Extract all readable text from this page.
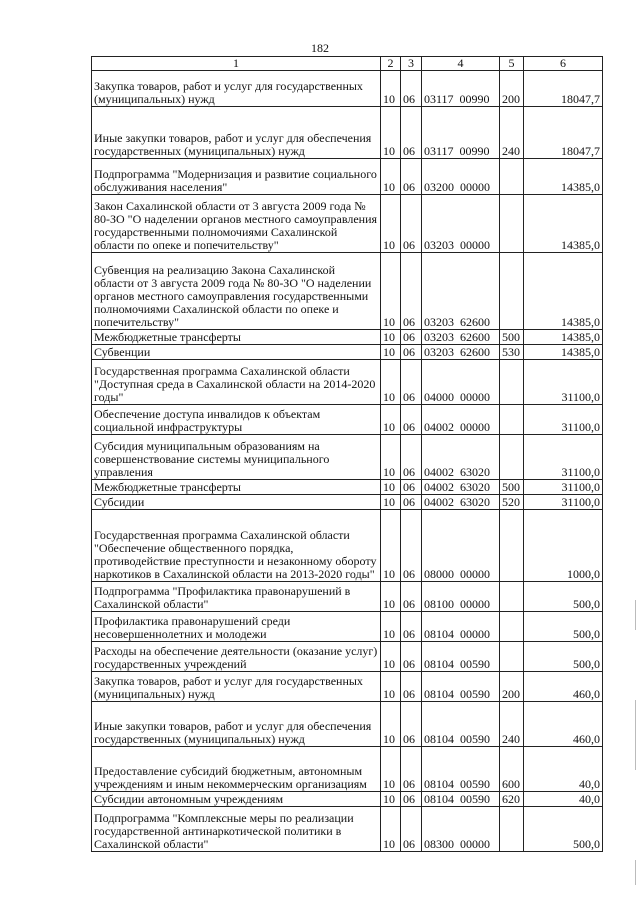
182
1	2	3	4	5	6
Закупка товаров, работ и услуг для государственных (муниципальных) нужд	10	06	03117  00990	200	18047,7
Иные закупки товаров, работ и услуг для обеспечения государственных (муниципальных) нужд	10	06	03117  00990	240	18047,7
Подпрограмма "Модернизация и развитие социального обслуживания населения"	10	06	03200  00000		14385,0
Закон Сахалинской области от 3 августа 2009 года № 80-ЗО "О наделении органов местного самоуправления государственными полномочиями Сахалинской области по опеке и попечительству"	10	06	03203  00000		14385,0
Субвенция на реализацию Закона Сахалинской области от 3 августа 2009 года № 80-ЗО "О наделении органов местного самоуправления государственными полномочиями Сахалинской области по опеке и попечительству"	10	06	03203  62600		14385,0
Межбюджетные трансферты	10	06	03203  62600	500	14385,0
Субвенции	10	06	03203  62600	530	14385,0
Государственная программа Сахалинской области "Доступная среда в Сахалинской области на 2014-2020 годы"	10	06	04000  00000		31100,0
Обеспечение доступа инвалидов к объектам социальной инфраструктуры	10	06	04002  00000		31100,0
Субсидия муниципальным образованиям на совершенствование системы муниципального управления	10	06	04002  63020		31100,0
Межбюджетные трансферты	10	06	04002  63020	500	31100,0
Субсидии	10	06	04002  63020	520	31100,0
Государственная программа Сахалинской области "Обеспечение общественного порядка, противодействие преступности и незаконному обороту наркотиков в Сахалинской области на 2013-2020 годы"	10	06	08000  00000		1000,0
Подпрограмма "Профилактика правонарушений в Сахалинской области"	10	06	08100  00000		500,0
Профилактика правонарушений среди несовершеннолетних и молодежи	10	06	08104  00000		500,0
Расходы на обеспечение деятельности (оказание услуг) государственных учреждений	10	06	08104  00590		500,0
Закупка товаров, работ и услуг для государственных (муниципальных) нужд	10	06	08104  00590	200	460,0
Иные закупки товаров, работ и услуг для обеспечения государственных (муниципальных) нужд	10	06	08104  00590	240	460,0
Предоставление субсидий бюджетным, автономным учреждениям и иным некоммерческим организациям	10	06	08104  00590	600	40,0
Субсидии автономным учреждениям	10	06	08104  00590	620	40,0
Подпрограмма "Комплексные меры по реализации государственной антинаркотической политики в Сахалинской области"	10	06	08300  00000		500,0
